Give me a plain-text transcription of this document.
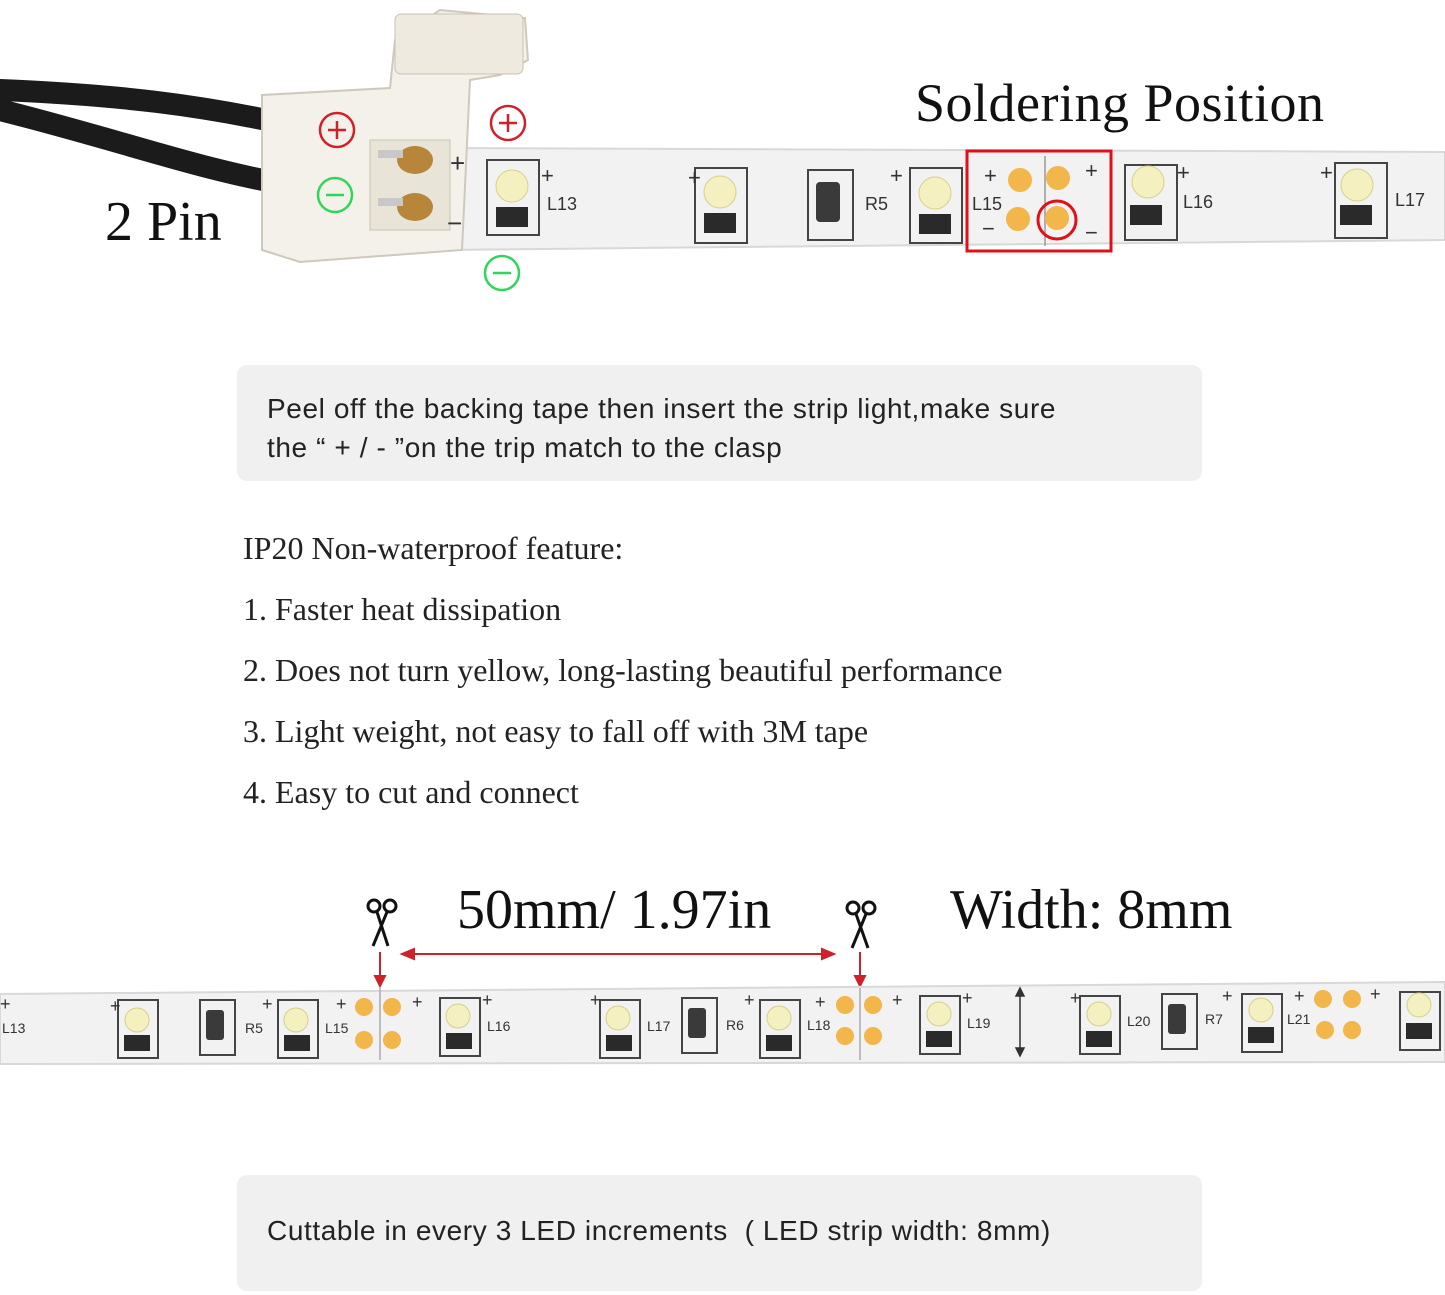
+
−
+	+	+	+	+
+	+
−	−
L13	R5	L15	L16	L17
Soldering Position
2 Pin
Peel off the backing tape then insert the strip light,make sure
the “ + / - ”on the trip match to the clasp
IP20 Non-waterproof feature:
1. Faster heat dissipation
2. Does not turn yellow, long-lasting beautiful performance
3. Light weight, not easy to fall off with 3M tape
4. Easy to cut and connect
50mm/ 1.97in	Width: 8mm
+	+	+	+	+	+	+	+	+	+	+	+	+	+	+
L13	R5	L15	L16	L17	R6	L18	L19	L20	R7	L21
Cuttable in every 3 LED increments  ( LED strip width: 8mm)
